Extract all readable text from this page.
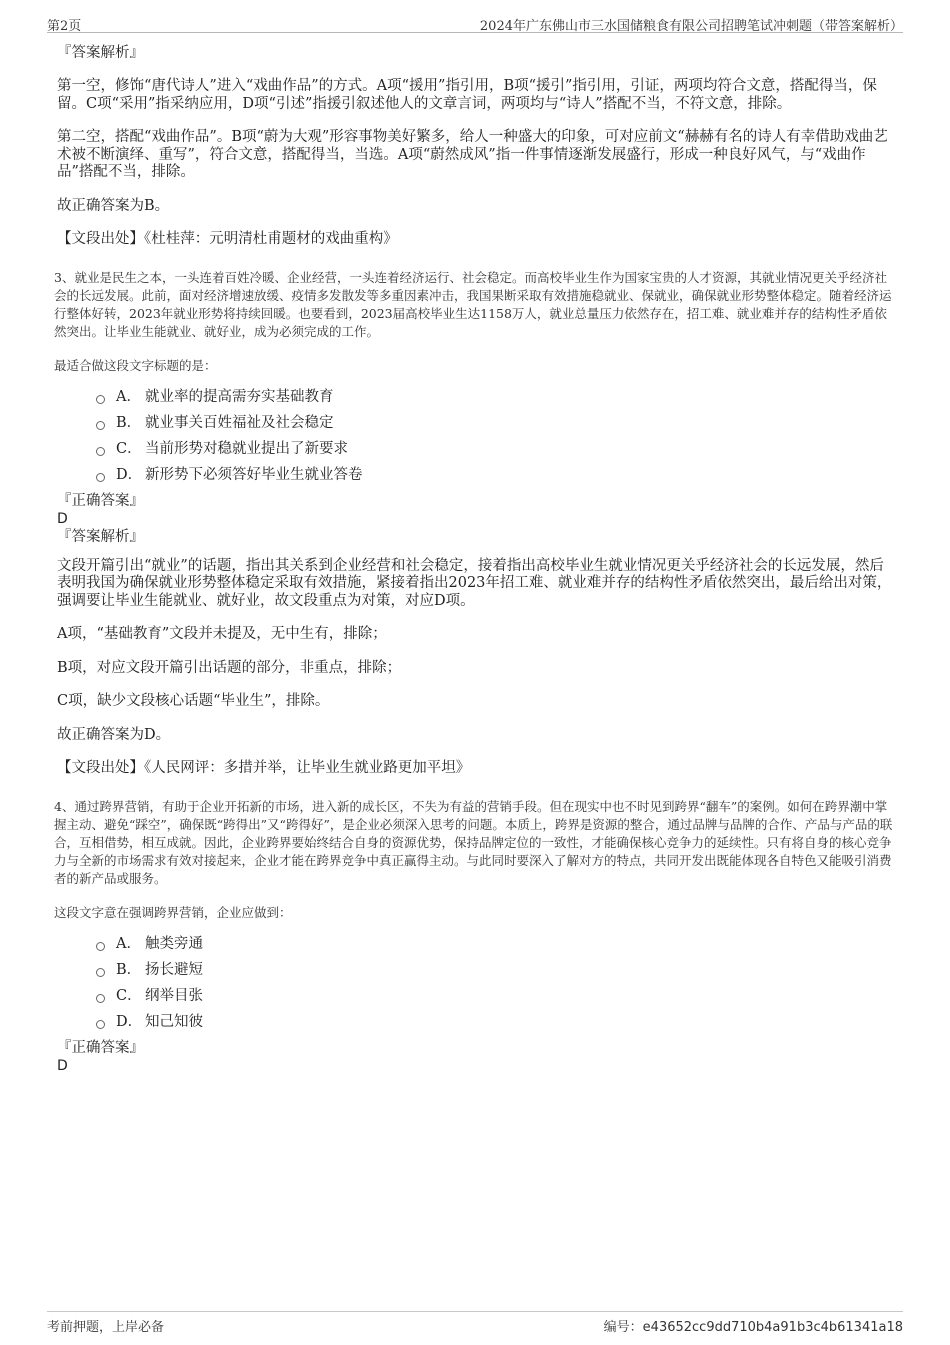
第2页	2024年广东佛山市三水国储粮食有限公司招聘笔试冲刺题（带答案解析）

『答案解析』

第一空，修饰“唐代诗人”进入“戏曲作品”的方式。A项“援用”指引用，B项“援引”指引用，引证，两项均符合文意，搭配得当，保留。C项“采用”指采纳应用，D项“引述”指援引叙述他人的文章言词，两项均与“诗人”搭配不当，不符文意，排除。

第二空，搭配“戏曲作品”。B项“蔚为大观”形容事物美好繁多，给人一种盛大的印象，可对应前文“赫赫有名的诗人有幸借助戏曲艺术被不断演绎、重写”，符合文意，搭配得当，当选。A项“蔚然成风”指一件事情逐渐发展盛行，形成一种良好风气，与“戏曲作品”搭配不当，排除。

故正确答案为B。

【文段出处】《杜桂萍：元明清杜甫题材的戏曲重构》

3、就业是民生之本，一头连着百姓冷暖、企业经营，一头连着经济运行、社会稳定。而高校毕业生作为国家宝贵的人才资源，其就业情况更关乎经济社会的长远发展。此前，面对经济增速放缓、疫情多发散发等多重因素冲击，我国果断采取有效措施稳就业、保就业，确保就业形势整体稳定。随着经济运行整体好转，2023年就业形势将持续回暖。也要看到，2023届高校毕业生达1158万人，就业总量压力依然存在，招工难、就业难并存的结构性矛盾依然突出。让毕业生能就业、就好业，成为必须完成的工作。

最适合做这段文字标题的是：

A． 就业率的提高需夯实基础教育
B． 就业事关百姓福祉及社会稳定
C． 当前形势对稳就业提出了新要求
D． 新形势下必须答好毕业生就业答卷

『正确答案』

D

『答案解析』

文段开篇引出“就业”的话题，指出其关系到企业经营和社会稳定，接着指出高校毕业生就业情况更关乎经济社会的长远发展，然后表明我国为确保就业形势整体稳定采取有效措施，紧接着指出2023年招工难、就业难并存的结构性矛盾依然突出，最后给出对策，强调要让毕业生能就业、就好业，故文段重点为对策，对应D项。

A项，“基础教育”文段并未提及，无中生有，排除；

B项，对应文段开篇引出话题的部分，非重点，排除；

C项，缺少文段核心话题“毕业生”，排除。

故正确答案为D。

【文段出处】《人民网评：多措并举，让毕业生就业路更加平坦》

4、通过跨界营销，有助于企业开拓新的市场，进入新的成长区，不失为有益的营销手段。但在现实中也不时见到跨界“翻车”的案例。如何在跨界潮中掌握主动、避免“踩空”，确保既“跨得出”又“跨得好”，是企业必须深入思考的问题。本质上，跨界是资源的整合，通过品牌与品牌的合作、产品与产品的联合，互相借势，相互成就。因此，企业跨界要始终结合自身的资源优势，保持品牌定位的一致性，才能确保核心竞争力的延续性。只有将自身的核心竞争力与全新的市场需求有效对接起来，企业才能在跨界竞争中真正赢得主动。与此同时要深入了解对方的特点，共同开发出既能体现各自特色又能吸引消费者的新产品或服务。

这段文字意在强调跨界营销，企业应做到：

A． 触类旁通
B． 扬长避短
C． 纲举目张
D． 知己知彼

『正确答案』

D

考前押题，上岸必备	编号：e43652cc9dd710b4a91b3c4b61341a18
